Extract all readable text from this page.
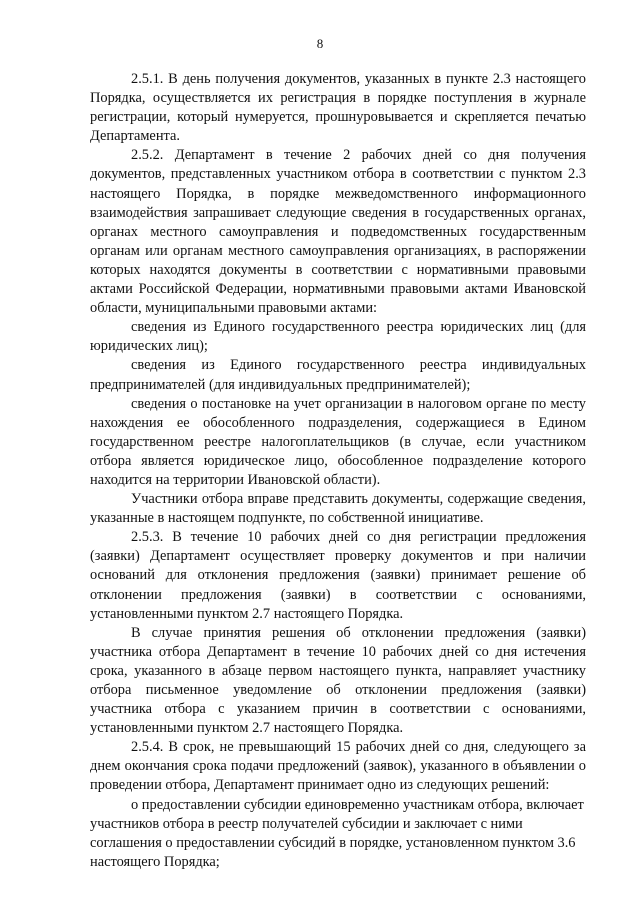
8

2.5.1. В день получения документов, указанных в пункте 2.3 настоящего Порядка, осуществляется их регистрация в порядке поступления в журнале регистрации, который нумеруется, прошнуровывается и скрепляется печатью Департамента.

2.5.2. Департамент в течение 2 рабочих дней со дня получения документов, представленных участником отбора в соответствии с пунктом 2.3 настоящего Порядка, в порядке межведомственного информационного взаимодействия запрашивает следующие сведения в государственных органах, органах местного самоуправления и подведомственных государственным органам или органам местного самоуправления организациях, в распоряжении которых находятся документы в соответствии с нормативными правовыми актами Российской Федерации, нормативными правовыми актами Ивановской области, муниципальными правовыми актами:

сведения из Единого государственного реестра юридических лиц (для юридических лиц);

сведения из Единого государственного реестра индивидуальных предпринимателей (для индивидуальных предпринимателей);

сведения о постановке на учет организации в налоговом органе по месту нахождения ее обособленного подразделения, содержащиеся в Едином государственном реестре налогоплательщиков (в случае, если участником отбора является юридическое лицо, обособленное подразделение которого находится на территории Ивановской области).

Участники отбора вправе представить документы, содержащие сведения, указанные в настоящем подпункте, по собственной инициативе.

2.5.3. В течение 10 рабочих дней со дня регистрации предложения (заявки) Департамент осуществляет проверку документов и при наличии оснований для отклонения предложения (заявки) принимает решение об отклонении предложения (заявки) в соответствии с основаниями, установленными пунктом 2.7 настоящего Порядка.

В случае принятия решения об отклонении предложения (заявки) участника отбора Департамент в течение 10 рабочих дней со дня истечения срока, указанного в абзаце первом настоящего пункта, направляет участнику отбора письменное уведомление об отклонении предложения (заявки) участника отбора с указанием причин в соответствии с основаниями, установленными пунктом 2.7 настоящего Порядка.

2.5.4. В срок, не превышающий 15 рабочих дней со дня, следующего за днем окончания срока подачи предложений (заявок), указанного в объявлении о проведении отбора, Департамент принимает одно из следующих решений:

о предоставлении субсидии единовременно участникам отбора, включает участников отбора в реестр получателей субсидии и заключает с ними соглашения о предоставлении субсидий в порядке, установленном пунктом 3.6 настоящего Порядка;
